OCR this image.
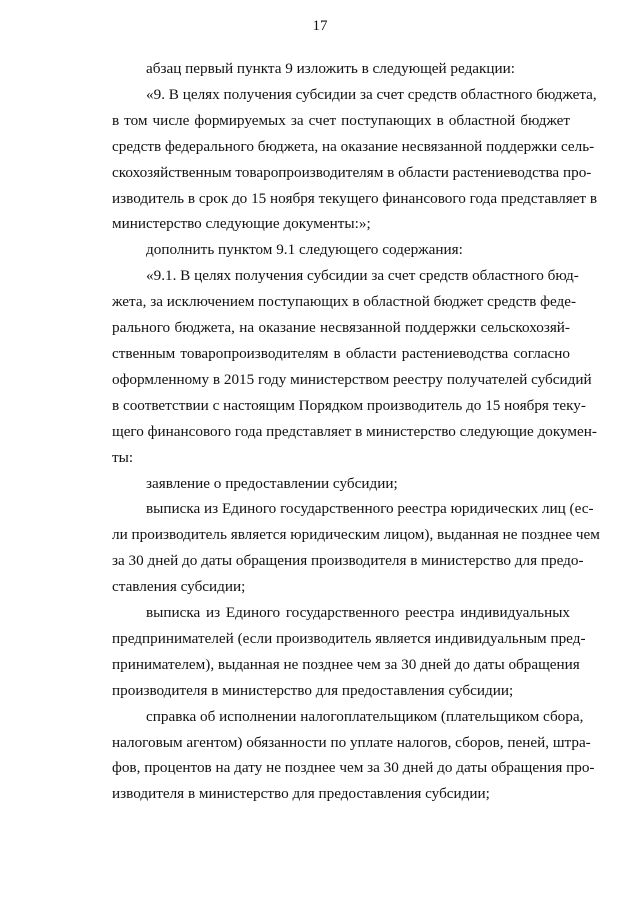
17

абзац первый пункта 9 изложить в следующей редакции:

«9. В целях получения субсидии за счет средств областного бюджета,
в том числе формируемых за счет поступающих в областной бюджет
средств федерального бюджета, на оказание несвязанной поддержки сель-
скохозяйственным товаропроизводителям в области растениеводства про-
изводитель в срок до 15 ноября текущего финансового года представляет в
министерство следующие документы:»;

дополнить пунктом 9.1 следующего содержания:

«9.1. В целях получения субсидии за счет средств областного бюд-
жета, за исключением поступающих в областной бюджет средств феде-
рального бюджета, на оказание несвязанной поддержки сельскохозяй-
ственным товаропроизводителям в области растениеводства согласно
оформленному в 2015 году министерством реестру получателей субсидий
в соответствии с настоящим Порядком производитель до 15 ноября теку-
щего финансового года представляет в министерство следующие докумен-
ты:

заявление о предоставлении субсидии;

выписка из Единого государственного реестра юридических лиц (ес-
ли производитель является юридическим лицом), выданная не позднее чем
за 30 дней до даты обращения производителя в министерство для предо-
ставления субсидии;

выписка из Единого государственного реестра индивидуальных
предпринимателей (если производитель является индивидуальным пред-
принимателем), выданная не позднее чем за 30 дней до даты обращения
производителя в министерство для предоставления субсидии;

справка об исполнении налогоплательщиком (плательщиком сбора,
налоговым агентом) обязанности по уплате налогов, сборов, пеней, штра-
фов, процентов на дату не позднее чем за 30 дней до даты обращения про-
изводителя в министерство для предоставления субсидии;
